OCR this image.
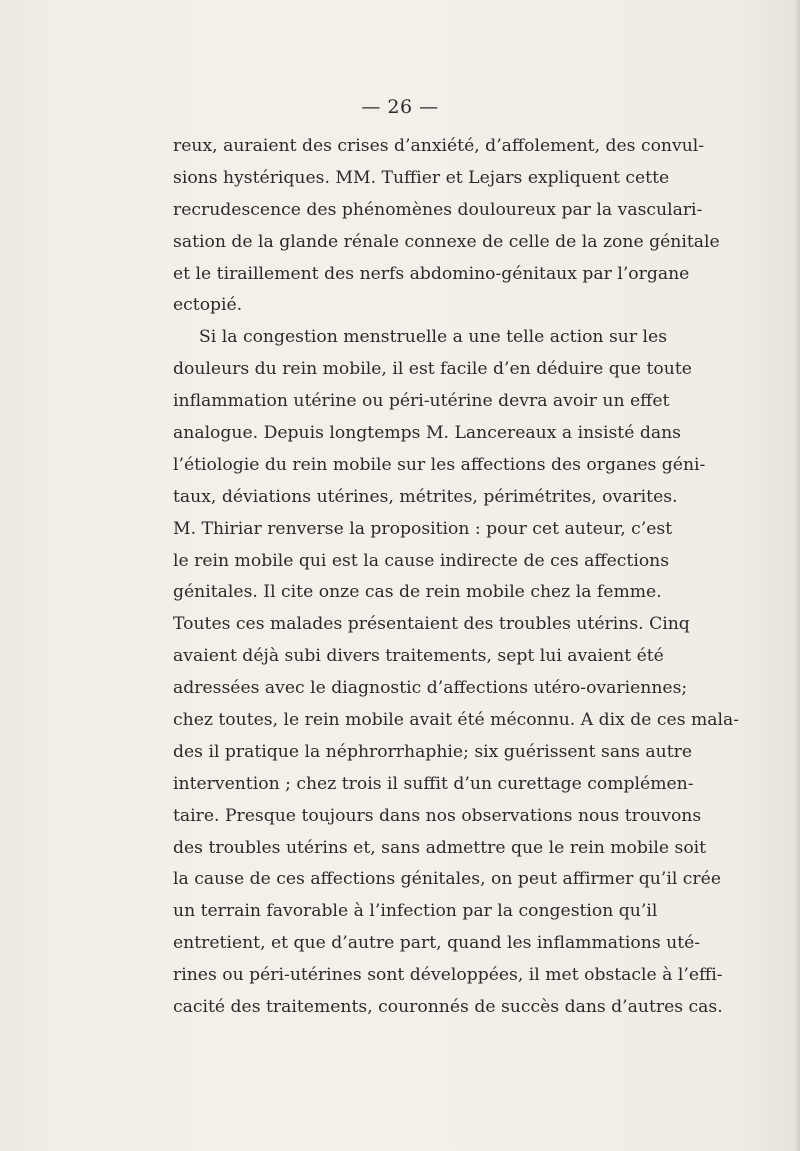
— 26 —
reux, auraient des crises d’anxiété, d’affolement, des convul-
sions hystériques. MM. Tuffier et Lejars expliquent cette
recrudescence des phénomènes douloureux par la vasculari-
sation de la glande rénale connexe de celle de la zone génitale
et le tiraillement des nerfs abdomino-génitaux par l’organe
ectopié.
Si la congestion menstruelle a une telle action sur les
douleurs du rein mobile, il est facile d’en déduire que toute
inflammation utérine ou péri-utérine devra avoir un effet
analogue. Depuis longtemps M. Lancereaux a insisté dans
l’étiologie du rein mobile sur les affections des organes géni-
taux, déviations utérines, métrites, périmétrites, ovarites.
M. Thiriar renverse la proposition : pour cet auteur, c’est
le rein mobile qui est la cause indirecte de ces affections
génitales. Il cite onze cas de rein mobile chez la femme.
Toutes ces malades présentaient des troubles utérins. Cinq
avaient déjà subi divers traitements, sept lui avaient été
adressées avec le diagnostic d’affections utéro-ovariennes;
chez toutes, le rein mobile avait été méconnu. A dix de ces mala-
des il pratique la néphrorrhaphie; six guérissent sans autre
intervention ; chez trois il suffit d’un curettage complémen-
taire. Presque toujours dans nos observations nous trouvons
des troubles utérins et, sans admettre que le rein mobile soit
la cause de ces affections génitales, on peut affirmer qu’il crée
un terrain favorable à l’infection par la congestion qu’il
entretient, et que d’autre part, quand les inflammations uté-
rines ou péri-utérines sont développées, il met obstacle à l’effi-
cacité des traitements, couronnés de succès dans d’autres cas.
